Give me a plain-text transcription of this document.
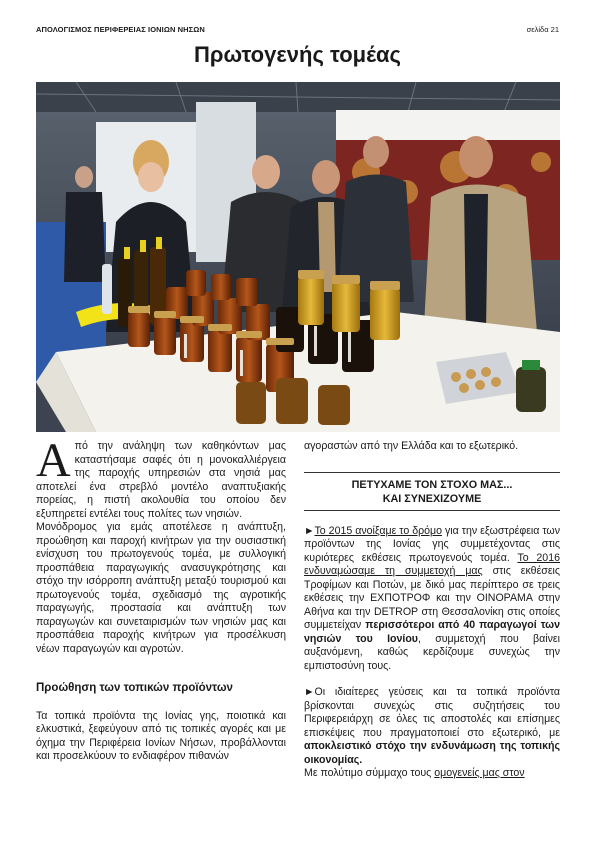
ΑΠΟΛΟΓΙΣΜΟΣ ΠΕΡΙΦΕΡΕΙΑΣ ΙΟΝΙΩΝ ΝΗΣΩΝ	σελίδα 21
Πρωτογενής τομέας

Από την ανάληψη των καθηκόντων μας καταστήσαμε σαφές ότι η μονοκαλλιέργεια της παροχής υπηρεσιών στα νησιά μας αποτελεί ένα στρεβλό μοντέλο αναπτυξιακής πορείας, η πιστή ακολουθία του οποίου δεν εξυπηρετεί εντέλει τους πολίτες των νησιών.

Μονόδρομος για εμάς αποτέλεσε η ανάπτυξη, προώθηση και παροχή κινήτρων για την ουσιαστική ενίσχυση του πρωτογενούς τομέα, με συλλογική προσπάθεια παραγωγικής ανασυγκρότησης και στόχο την ισόρροπη ανάπτυξη μεταξύ τουρισμού και πρωτογενούς τομέα, σχεδιασμό της αγροτικής παραγωγής, προστασία και ανάπτυξη των παραγωγών και συνεταιρισμών των νησιών μας και προσπάθεια παροχής κινήτρων για προσέλκυση νέων παραγωγών και αγροτών.

Προώθηση των τοπικών προϊόντων

Τα τοπικά προϊόντα της Ιονίας γης, ποιοτικά και ελκυστικά, ξεφεύγουν από τις τοπικές αγορές και με όχημα την Περιφέρεια Ιονίων Νήσων, προβάλλονται και προσελκύουν το ενδιαφέρον πιθανών

αγοραστών από την Ελλάδα και το εξωτερικό.

ΠΕΤΥΧΑΜΕ ΤΟΝ ΣΤΟΧΟ ΜΑΣ...
ΚΑΙ ΣΥΝΕΧΙΖΟΥΜΕ

►Το 2015 ανοίξαμε το δρόμο για την εξωστρέφεια των προϊόντων της Ιονίας γης συμμετέχοντας στις κυριότερες εκθέσεις πρωτογενούς τομέα. Το 2016 ενδυναμώσαμε τη συμμετοχή μας στις εκθέσεις Τροφίμων και Ποτών, με δικό μας περίπτερο σε τρεις εκθέσεις την ΕΧΠΟΤΡΟΦ και την ΟΙΝΟΡΑΜΑ στην Αθήνα και την DETROP στη Θεσσαλονίκη στις οποίες συμμετείχαν περισσότεροι από 40 παραγωγοί των νησιών του Ιονίου, συμμετοχή που βαίνει αυξανόμενη, καθώς κερδίζουμε συνεχώς την εμπιστοσύνη τους.

►Οι ιδιαίτερες γεύσεις και τα τοπικά προϊόντα βρίσκονται συνεχώς στις συζητήσεις του Περιφερειάρχη σε όλες τις αποστολές και επίσημες επισκέψεις που πραγματοποιεί στο εξωτερικό, με αποκλειστικό στόχο την ενδυνάμωση της τοπικής οικονομίας.

Με πολύτιμο σύμμαχο τους ομογενείς μας στον
